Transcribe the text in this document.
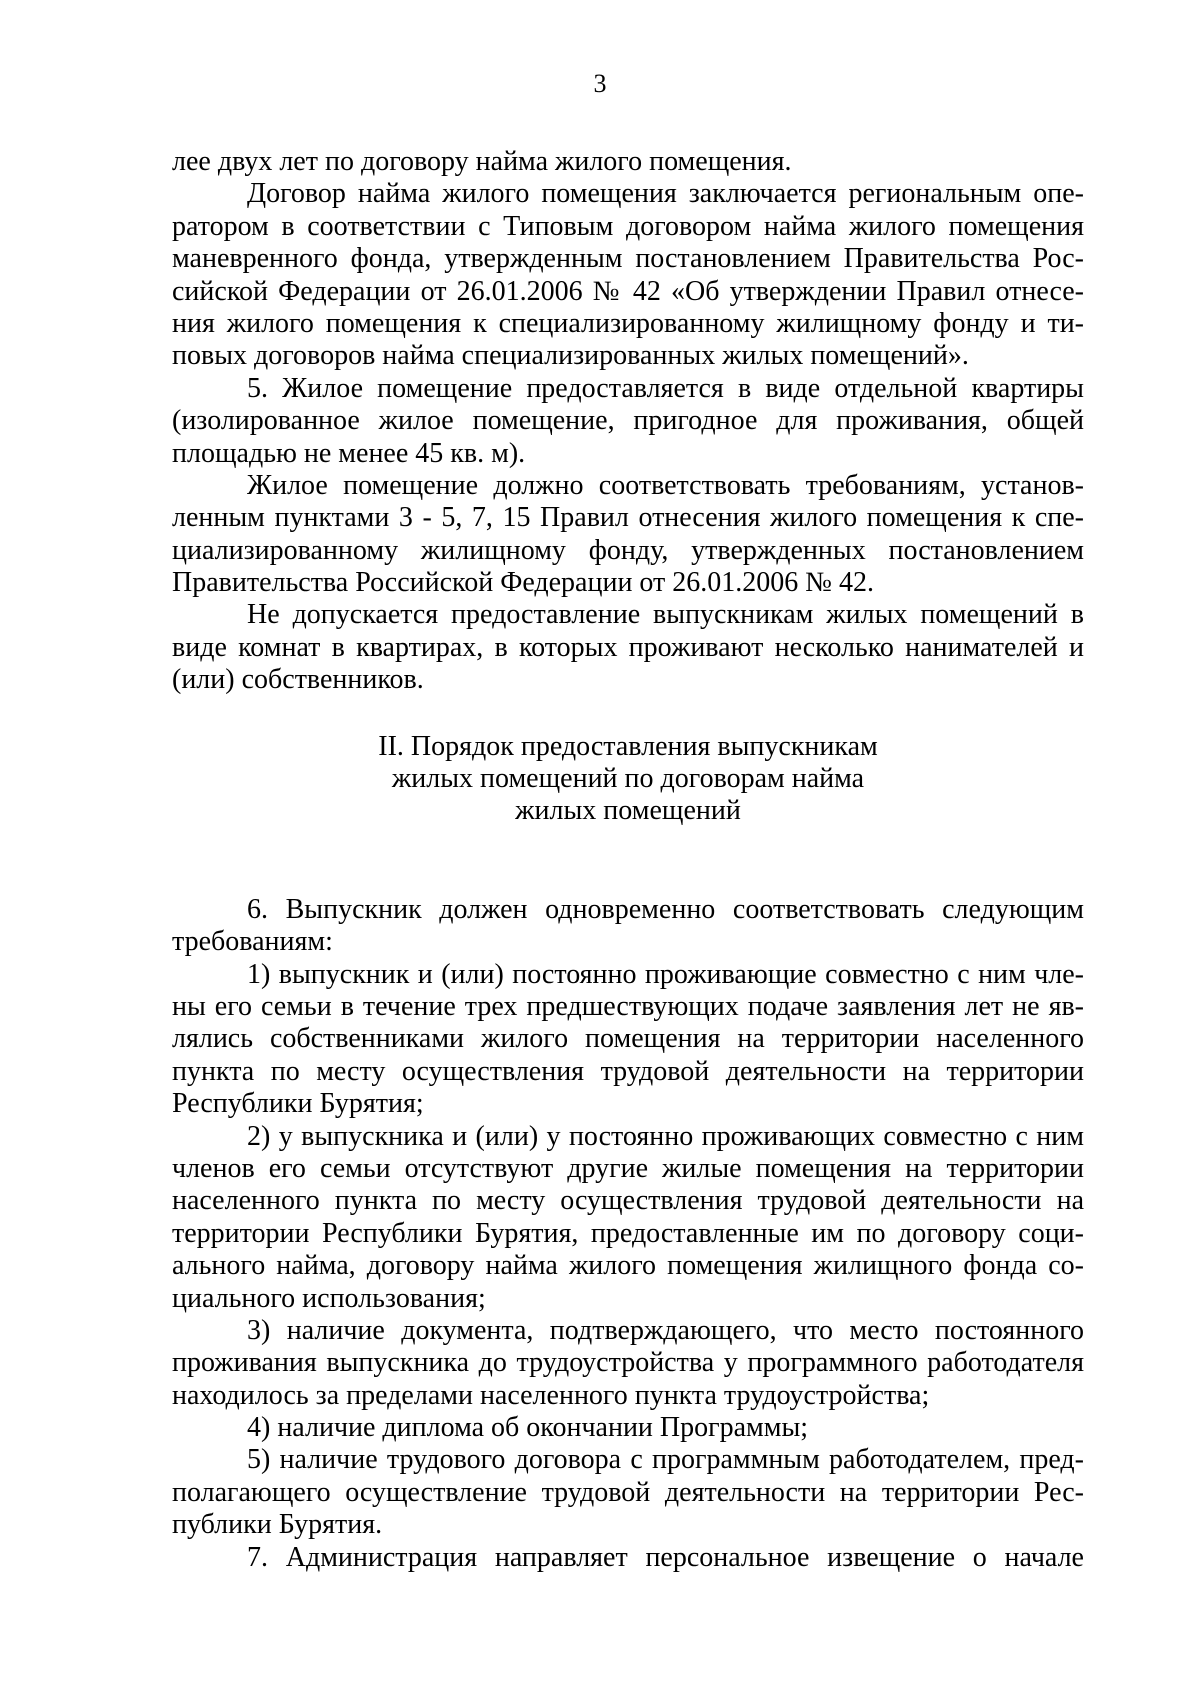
3
лее двух лет по договору найма жилого помещения.
Договор найма жилого помещения заключается региональным опе-
ратором в соответствии с Типовым договором найма жилого помещения
маневренного фонда, утвержденным постановлением Правительства Рос-
сийской Федерации от 26.01.2006 № 42 «Об утверждении Правил отнесе-
ния жилого помещения к специализированному жилищному фонду и ти-
повых договоров найма специализированных жилых помещений».
5. Жилое помещение предоставляется в виде отдельной квартиры
(изолированное жилое помещение, пригодное для проживания, общей
площадью не менее 45 кв. м).
Жилое помещение должно соответствовать требованиям, установ-
ленным пунктами 3 - 5, 7, 15 Правил отнесения жилого помещения к спе-
циализированному жилищному фонду, утвержденных постановлением
Правительства Российской Федерации от 26.01.2006 № 42.
Не допускается предоставление выпускникам жилых помещений в
виде комнат в квартирах, в которых проживают несколько нанимателей и
(или) собственников.
II. Порядок предоставления выпускникам
жилых помещений по договорам найма
жилых помещений
6. Выпускник должен одновременно соответствовать следующим
требованиям:
1) выпускник и (или) постоянно проживающие совместно с ним чле-
ны его семьи в течение трех предшествующих подаче заявления лет не яв-
лялись собственниками жилого помещения на территории населенного
пункта по месту осуществления трудовой деятельности на территории
Республики Бурятия;
2) у выпускника и (или) у постоянно проживающих совместно с ним
членов его семьи отсутствуют другие жилые помещения на территории
населенного пункта по месту осуществления трудовой деятельности на
территории Республики Бурятия, предоставленные им по договору соци-
ального найма, договору найма жилого помещения жилищного фонда со-
циального использования;
3) наличие документа, подтверждающего, что место постоянного
проживания выпускника до трудоустройства у программного работодателя
находилось за пределами населенного пункта трудоустройства;
4) наличие диплома об окончании Программы;
5) наличие трудового договора с программным работодателем, пред-
полагающего осуществление трудовой деятельности на территории Рес-
публики Бурятия.
7. Администрация направляет персональное извещение о начале
